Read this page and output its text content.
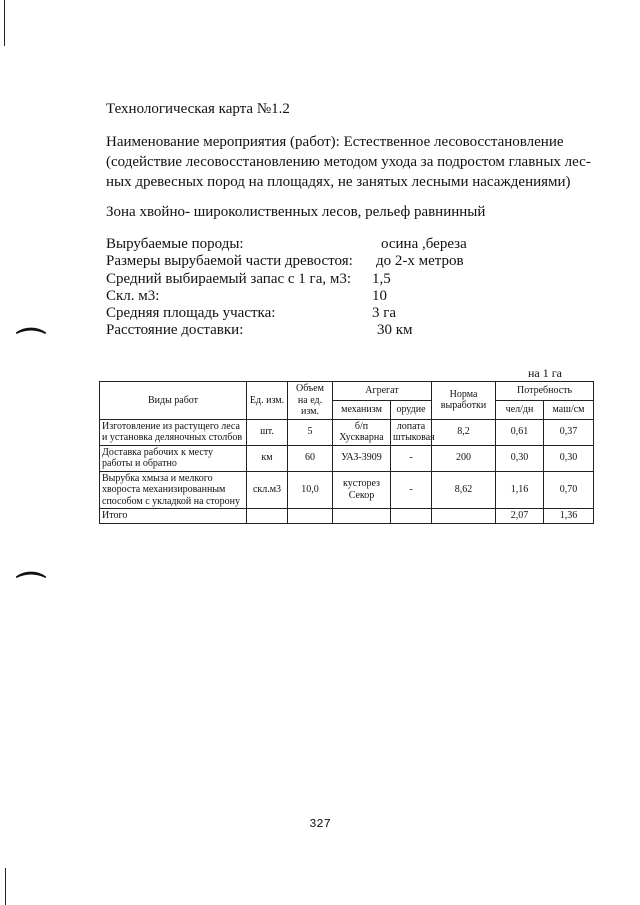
⌒
⌒

Технологическая карта №1.2

Наименование мероприятия (работ): Естественное лесовосстановление
(содействие лесовосстановлению методом ухода за подростом главных лес-
ных древесных пород на площадях, не занятых лесными насаждениями)

Зона хвойно- широколиственных лесов, рельеф равнинный

Вырубаемые породы:	осина ,береза
Размеры вырубаемой части древостоя:	до 2-х метров
Средний выбираемый запас с 1 га, м3:	1,5
Скл. м3:	10
Средняя площадь участка:	3 га
Расстояние доставки:	30 км
на 1 га
Виды работ	Ед. изм.	Объем на ед. изм.	Агрегат		Норма выработки	Потребность	
			механизм	орудие		чел/дн	маш/см
Изготовление из растущего леса и установка деляночных столбов	шт.	5	б/п Хускварна	лопата штыковая	8,2	0,61	0,37
Доставка рабочих к месту работы и обратно	км	60	УАЗ-3909	-	200	0,30	0,30
Вырубка хмыза и мелкого хворостa механизированным способом с укладкой на сторону	скл.м3	10,0	кусторез Секор	-	8,62	1,16	0,70
Итого						2,07	1,36
327
